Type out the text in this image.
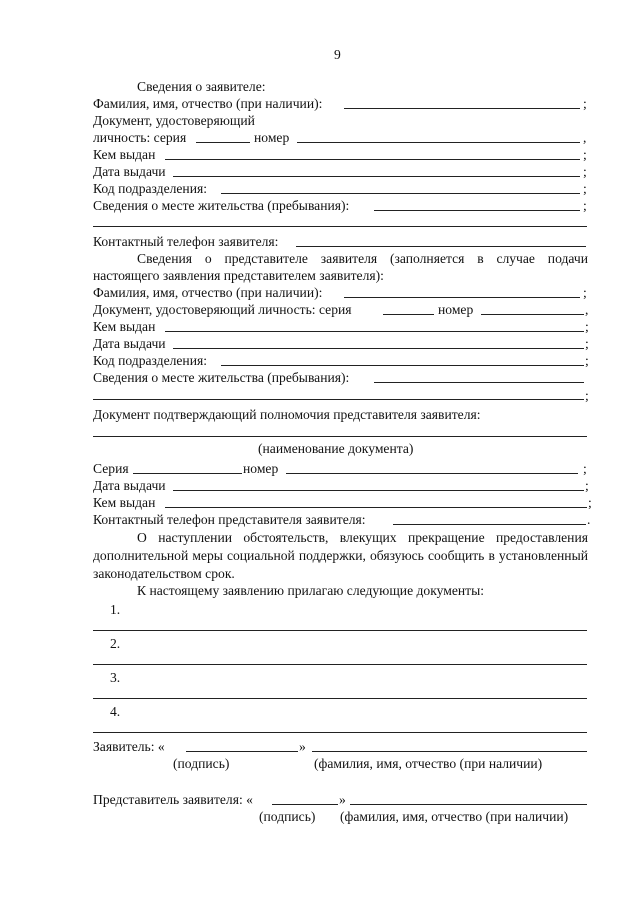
9
Сведения о заявителе:
Фамилия, имя, отчество (при наличии):	;
Документ, удостоверяющий
личность: серия	номер	,
Кем выдан	;
Дата выдачи	;
Код подразделения:	;
Сведения о месте жительства (пребывания):	;
Контактный телефон заявителя:
Сведения о представителе заявителя (заполняется в случае подачи настоящего заявления представителем заявителя):
Фамилия, имя, отчество (при наличии):	;
Документ, удостоверяющий личность: серия	номер	,
Кем выдан	;
Дата выдачи	;
Код подразделения:	;
Сведения о месте жительства (пребывания):
;
Документ подтверждающий полномочия представителя заявителя:
(наименование документа)
Серия	номер	;
Дата выдачи	;
Кем выдан	;
Контактный телефон представителя заявителя:	.
О наступлении обстоятельств, влекущих прекращение предоставления дополнительной меры социальной поддержки, обязуюсь сообщить в установленный законодательством срок.
К настоящему заявлению прилагаю следующие документы:
1.
2.
3.
4.
Заявитель: «	»
(подпись)	(фамилия, имя, отчество (при наличии)
Представитель заявителя: «	»
(подпись) (фамилия, имя, отчество (при наличии)
